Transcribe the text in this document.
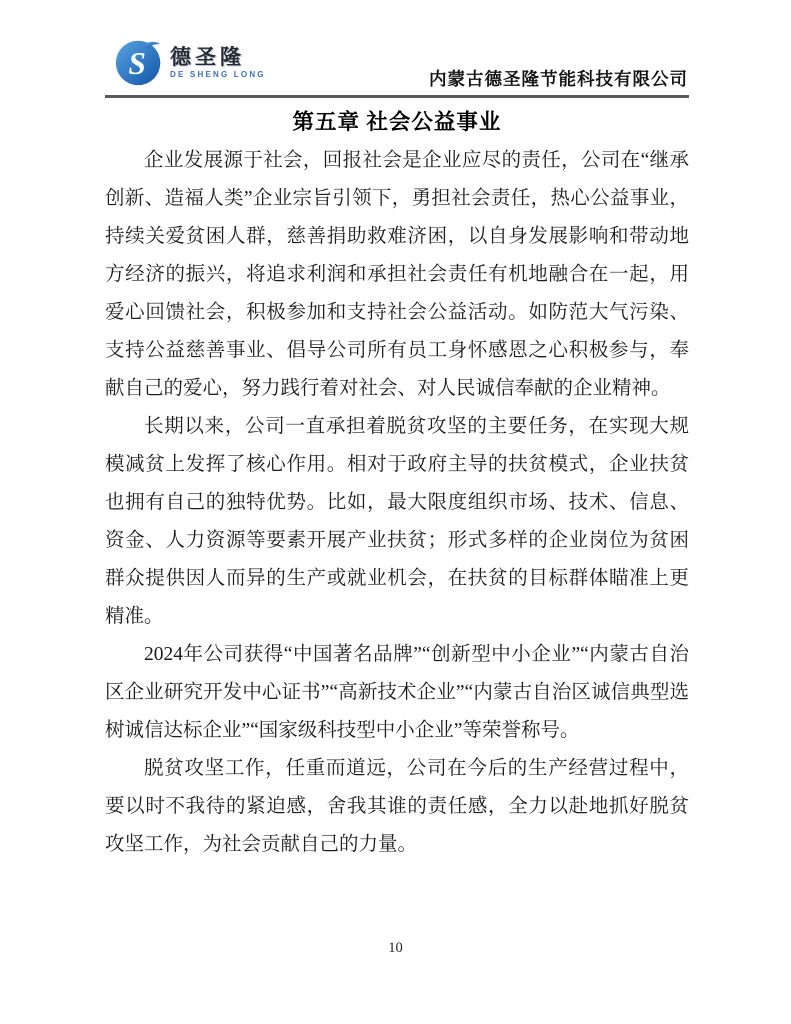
S 德圣隆
DE SHENG LONG	内蒙古德圣隆节能科技有限公司
第五章 社会公益事业

企业发展源于社会，回报社会是企业应尽的责任，公司在“继承创新、造福人类”企业宗旨引领下，勇担社会责任，热心公益事业，持续关爱贫困人群，慈善捐助救难济困，以自身发展影响和带动地方经济的振兴，将追求利润和承担社会责任有机地融合在一起，用爱心回馈社会，积极参加和支持社会公益活动。如防范大气污染、支持公益慈善事业、倡导公司所有员工身怀感恩之心积极参与，奉献自己的爱心，努力践行着对社会、对人民诚信奉献的企业精神。

长期以来，公司一直承担着脱贫攻坚的主要任务，在实现大规模减贫上发挥了核心作用。相对于政府主导的扶贫模式，企业扶贫也拥有自己的独特优势。比如，最大限度组织市场、技术、信息、资金、人力资源等要素开展产业扶贫；形式多样的企业岗位为贫困群众提供因人而异的生产或就业机会，在扶贫的目标群体瞄准上更精准。

2024年公司获得“中国著名品牌”“创新型中小企业”“内蒙古自治区企业研究开发中心证书”“高新技术企业”“内蒙古自治区诚信典型选树诚信达标企业”“国家级科技型中小企业”等荣誉称号。

脱贫攻坚工作，任重而道远，公司在今后的生产经营过程中，要以时不我待的紧迫感，舍我其谁的责任感，全力以赴地抓好脱贫攻坚工作，为社会贡献自己的力量。

10
